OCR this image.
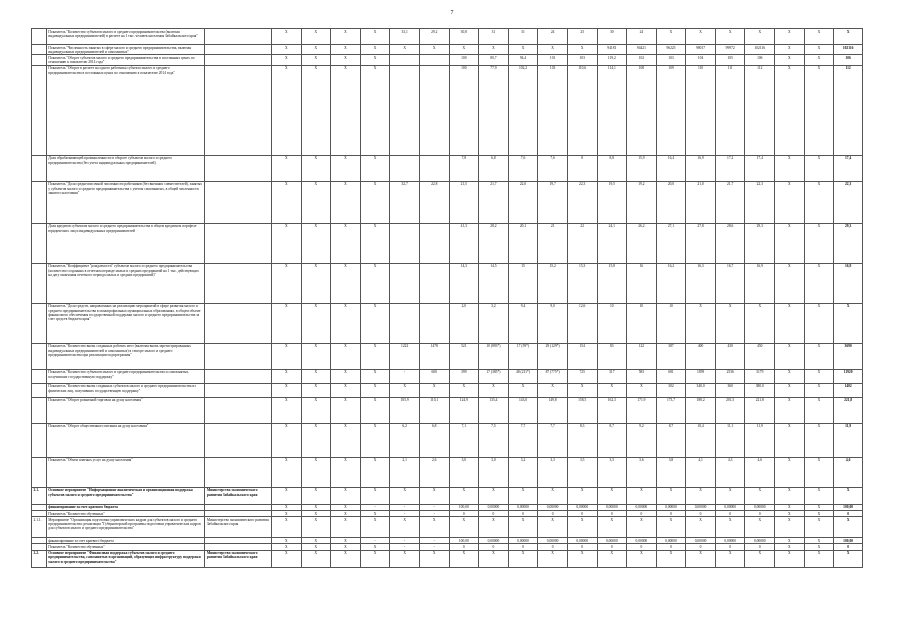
7
	Показатель "Количество субъектов малого и среднего предпринимательства (включая индивидуальных предпринимателей) в расчете на 1 тыс. человек населения Забайкальского края"		X	X	X	X	33,1	29,2	30,8	31	31	24	25	30	24	X	X	X	X	X	X	X
	Показатель "Численность занятых в сфере малого и среднего предпринимательства, включая индивидуальных предпринимателей и самозанятых"		X	X	X	X	X	X	X	X	X	X	X	94181	94421	96225	98017	99972	102116	X	X	102116
	Показатель "Оборот субъектов малого и среднего предпринимательства в постоянных ценах по отношению к показателю 2014 года"		X	X	X	X			100	80,7	94,4	101	103	119,2	102	103	104	105	106	X	X	106
	Показатель "Оборот в расчете на одного работника субъекта малого и среднего предпринимательства в постоянных ценах по отношению к показателю 2014 года"		X	X	X	X			100	77,9	102,2	103	110,6	114,1	108	109	110	111	112	X	X	112
	Доля обрабатывающей промышленности в обороте субъектов малого и среднего предпринимательства (без учета индивидуальных предпринимателей)		X	X	X	X			7,8	6,8	7,6	7,6	8	8,8	15,9	16,4	16,9	17,2	17,4	X	X	17,4
	Показатель "Доля среднесписочной численности работников (без внешних совместителей), занятых у субъектов малого и среднего предпринимательства с учетом самозанятых, в общей численности занятого населения"		X	X	X	X	32,7	22,8	21,5	21,7	22,0	19,7	22,3	19,5	19,2	20,0	21,0	21,7	22,3	X	X	22,3
	Доля кредитов субъектам малого и среднего предпринимательства в общем кредитном портфеле юридических лиц и индивидуальных предпринимателей		X	X	X	X			41,3	28,2	20,1	21	22	24,1	26,2	27,1	27,8	28,6	29,3	X	X	29,3
	Показатель "Коэффициент "рождаемости" субъектов малого и среднего предпринимательства (количество созданных в отчетном периоде малых и средних предприятий на 1 тыс. действующих на дату окончания отчетного периода малых и средних предприятий)"		X	X	X	X			14,3	14,5	15	15,2	15,3	15,8	16	16,2	16,3	16,7	16,9	X	X	16,9
	Показатель "Доля средств, направленных на реализацию мероприятий в сфере развития малого и среднего предпринимательства в монопрофильных муниципальных образованиях, в общем объеме финансового обеспечения государственной поддержки малого и среднего предпринимательства за счет средств бюджета края"		X	X	X	X			2,0	3,2	9,4	9,0	12,6	10	10	10	X	X	X	X	X	X
	Показатель "Количество вновь созданных рабочих мест (включая вновь зарегистрированных индивидуальных предпринимателей и самозанятых) в секторе малого и среднего предпринимательства при реализации подпрограммы"		X	X	X	X	1222	1478	521	10 (893*)	17 (59*)	29 (129*)	154	83	122	387	400	430	450	X	X	3690
	Показатель "Количество субъектов малого и среднего предпринимательства и самозанятых, получивших государственную поддержку"		X	X	X	X	-	600	399	17 (385*)	48 (211*)	87 (775*)	725	317	583	681	1859	2536	3179	X	X	11920
	Показатель "Количество вновь созданных субъектов малого и среднего предпринимательства из физических лиц, получивших государственную поддержку"		X	X	X	X	X	X	X	X	X	X	X	X	X	302	340,0	360	380,0	X	X	1402
	Показатель "Оборот розничной торговли на душу населения"		X	X	X	X	105,9	110,1	124,9	135,4	143,0	149,8	158,5	162,3	171,9	173,7	188,2	201,5	221,8	X	X	221,8
	Показатель "Оборот общественного питания на душу населения"		X	X	X	X	6,2	6,8	7,1	7,5	7,7	7,7	8,3	8,7	9,2	8,7	10,4	11,1	11,9	X	X	11,9
	Показатель "Объем платных услуг на душу населения"		X	X	X	X	2,1	2,6	3,0	3,0	3,2	3,3	3,5	3,5	3,6	3,8	4,1	4,3	4,6	X	X	4,6
2.1.	Основное мероприятие "Информационно-аналитическая и организационная поддержка субъектов малого и среднего предпринимательства"	Министерство экономического развития Забайкальского края	X	X	X	X	X	X	X	X	X	X	X	X	X	X	X	X	X	X	X	X
	финансирование за счет краевого бюджета		X	X	X	-	-	-	100,00	0,00000	0,00000	0,00000	0,00000	0,00000	0,00000	0,00000	0,00000	0,00000	0,00000	X	X	100,00
	Показатель "Количество обученных"		X	X	X	X	-	-	0	0	0	0	0	0	0	0	0	0	0	X	X	0
2.1.1.	Мероприятие "Организация подготовки управленческих кадров для субъектов малого и среднего предпринимательства: реализация "Губернаторской программы подготовки управленческих кадров для субъектов малого и среднего предпринимательства"	Министерство экономического развития Забайкальского края	X	X	X	X	X	X	X	X	X	X	X	X	X	X	X	X	X	X	X	X
	финансирование за счет краевого бюджета		X	X	X	-	-	-	100,00	0,00000	0,00000	0,00000	0,00000	0,00000	0,00000	0,00000	0,00000	0,00000	0,00000	X	X	100,00
	Показатель "Количество обученных"		X	X	X	X	-	-	0	0	0	0	0	0	0	0	0	0	0	X	X	0
2.2.	Основное мероприятие "Финансовая поддержка субъектов малого и среднего предпринимательства, самозанятых и организаций, образующих инфраструктуру поддержки малого и среднего предпринимательства"	Министерство экономического развития Забайкальского края	X	X	X	X	X	X	X	X	X	X	X	X	X	X	X	X	X	X	X	X
